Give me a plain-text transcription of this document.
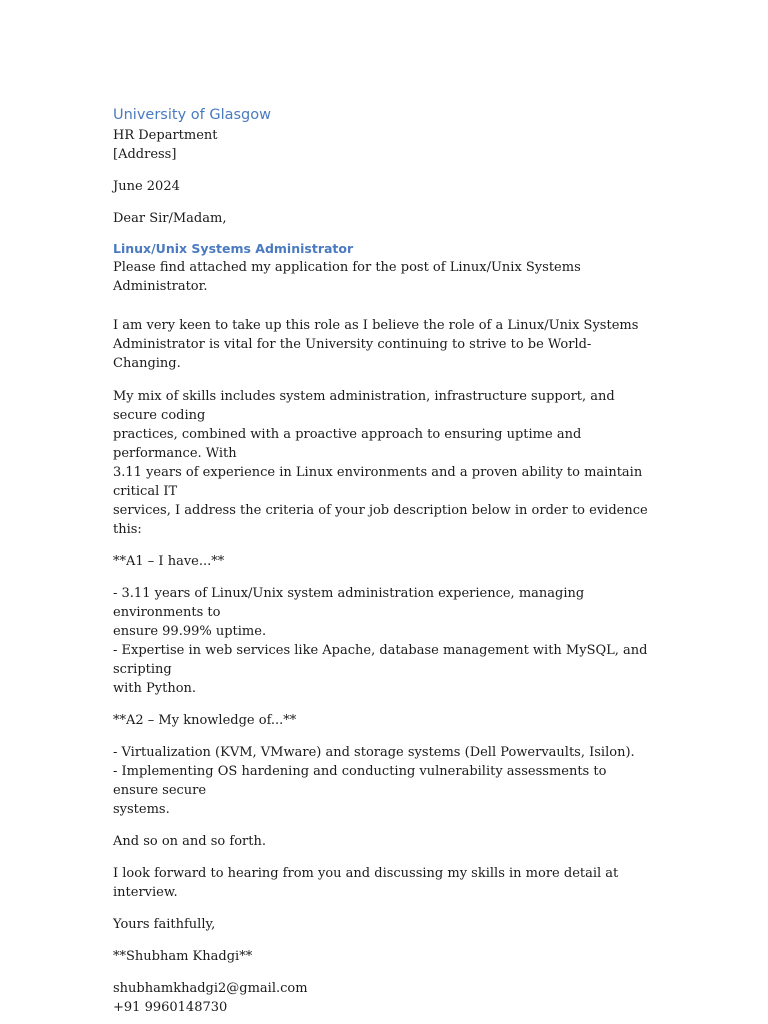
University of Glasgow
HR Department
[Address]
June 2024
Dear Sir/Madam,
Linux/Unix Systems Administrator
Please find attached my application for the post of Linux/Unix Systems Administrator.

I am very keen to take up this role as I believe the role of a Linux/Unix Systems
Administrator is vital for the University continuing to strive to be World-Changing.

My mix of skills includes system administration, infrastructure support, and secure coding
practices, combined with a proactive approach to ensuring uptime and performance. With
3.11 years of experience in Linux environments and a proven ability to maintain critical IT
services, I address the criteria of your job description below in order to evidence this:

**A1 – I have...**
- 3.11 years of Linux/Unix system administration experience, managing environments to
ensure 99.99% uptime.
- Expertise in web services like Apache, database management with MySQL, and scripting
with Python.
**A2 – My knowledge of...**
- Virtualization (KVM, VMware) and storage systems (Dell Powervaults, Isilon).
- Implementing OS hardening and conducting vulnerability assessments to ensure secure
systems.
And so on and so forth.
I look forward to hearing from you and discussing my skills in more detail at interview.
Yours faithfully,
**Shubham Khadgi**
shubhamkhadgi2@gmail.com
+91 9960148730
